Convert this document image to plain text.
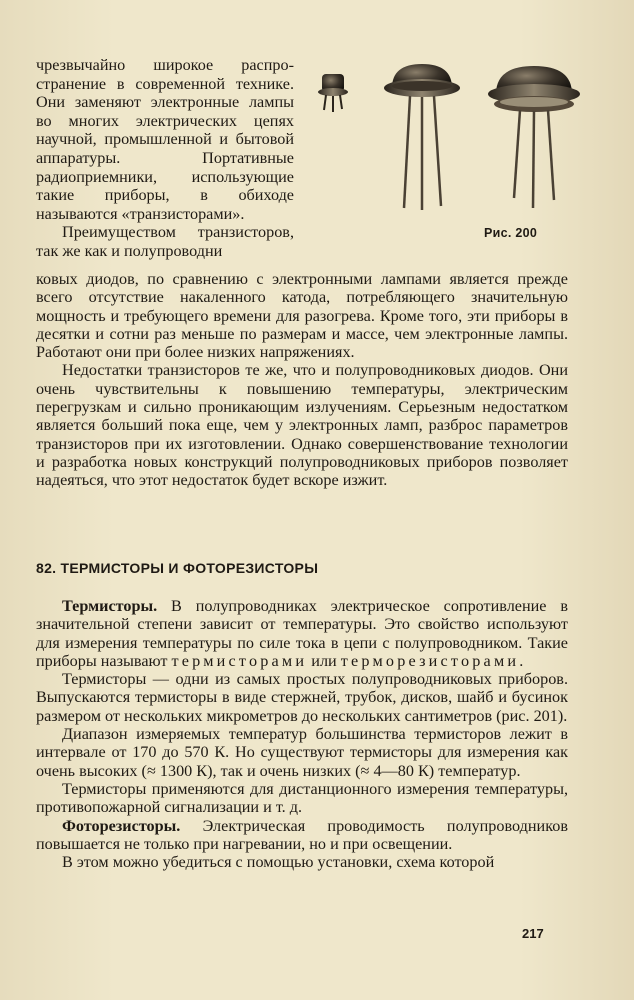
чрезвычайно широкое распространение в современной технике. Они заменяют электронные лампы во многих электрических цепях научной, промышленной и бытовой аппаратуры. Портативные радиоприемники, использующие такие приборы, в обиходе называются «транзисторами».

Преимуществом транзисторов, так же как и полупроводни

Рис. 200

ковых диодов, по сравнению с электронными лампами является прежде всего отсутствие накаленного катода, потребляющего значительную мощность и требующего времени для разогрева. Кроме того, эти приборы в десятки и сотни раз меньше по размерам и массе, чем электронные лампы. Работают они при более низких напряжениях.

Недостатки транзисторов те же, что и полупроводниковых диодов. Они очень чувствительны к повышению температуры, электрическим перегрузкам и сильно проникающим излучениям. Серьезным недостатком является больший пока еще, чем у электронных ламп, разброс параметров транзисторов при их изготовлении. Однако совершенствование технологии и разработка новых конструкций полупроводниковых приборов позволяет надеяться, что этот недостаток будет вскоре изжит.

82. ТЕРМИСТОРЫ И ФОТОРЕЗИСТОРЫ

Термисторы. В полупроводниках электрическое сопротивление в значительной степени зависит от температуры. Это свойство используют для измерения температуры по силе тока в цепи с полупроводником. Такие приборы называют термисторами или терморезисторами.

Термисторы — одни из самых простых полупроводниковых приборов. Выпускаются термисторы в виде стержней, трубок, дисков, шайб и бусинок размером от нескольких микрометров до нескольких сантиметров (рис. 201).

Диапазон измеряемых температур большинства термисторов лежит в интервале от 170 до 570 К. Но существуют термисторы для измерения как очень высоких (≈ 1300 К), так и очень низких (≈ 4—80 К) температур.

Термисторы применяются для дистанционного измерения температуры, противопожарной сигнализации и т. д.

Фоторезисторы. Электрическая проводимость полупроводников повышается не только при нагревании, но и при освещении.

В этом можно убедиться с помощью установки, схема которой

217
